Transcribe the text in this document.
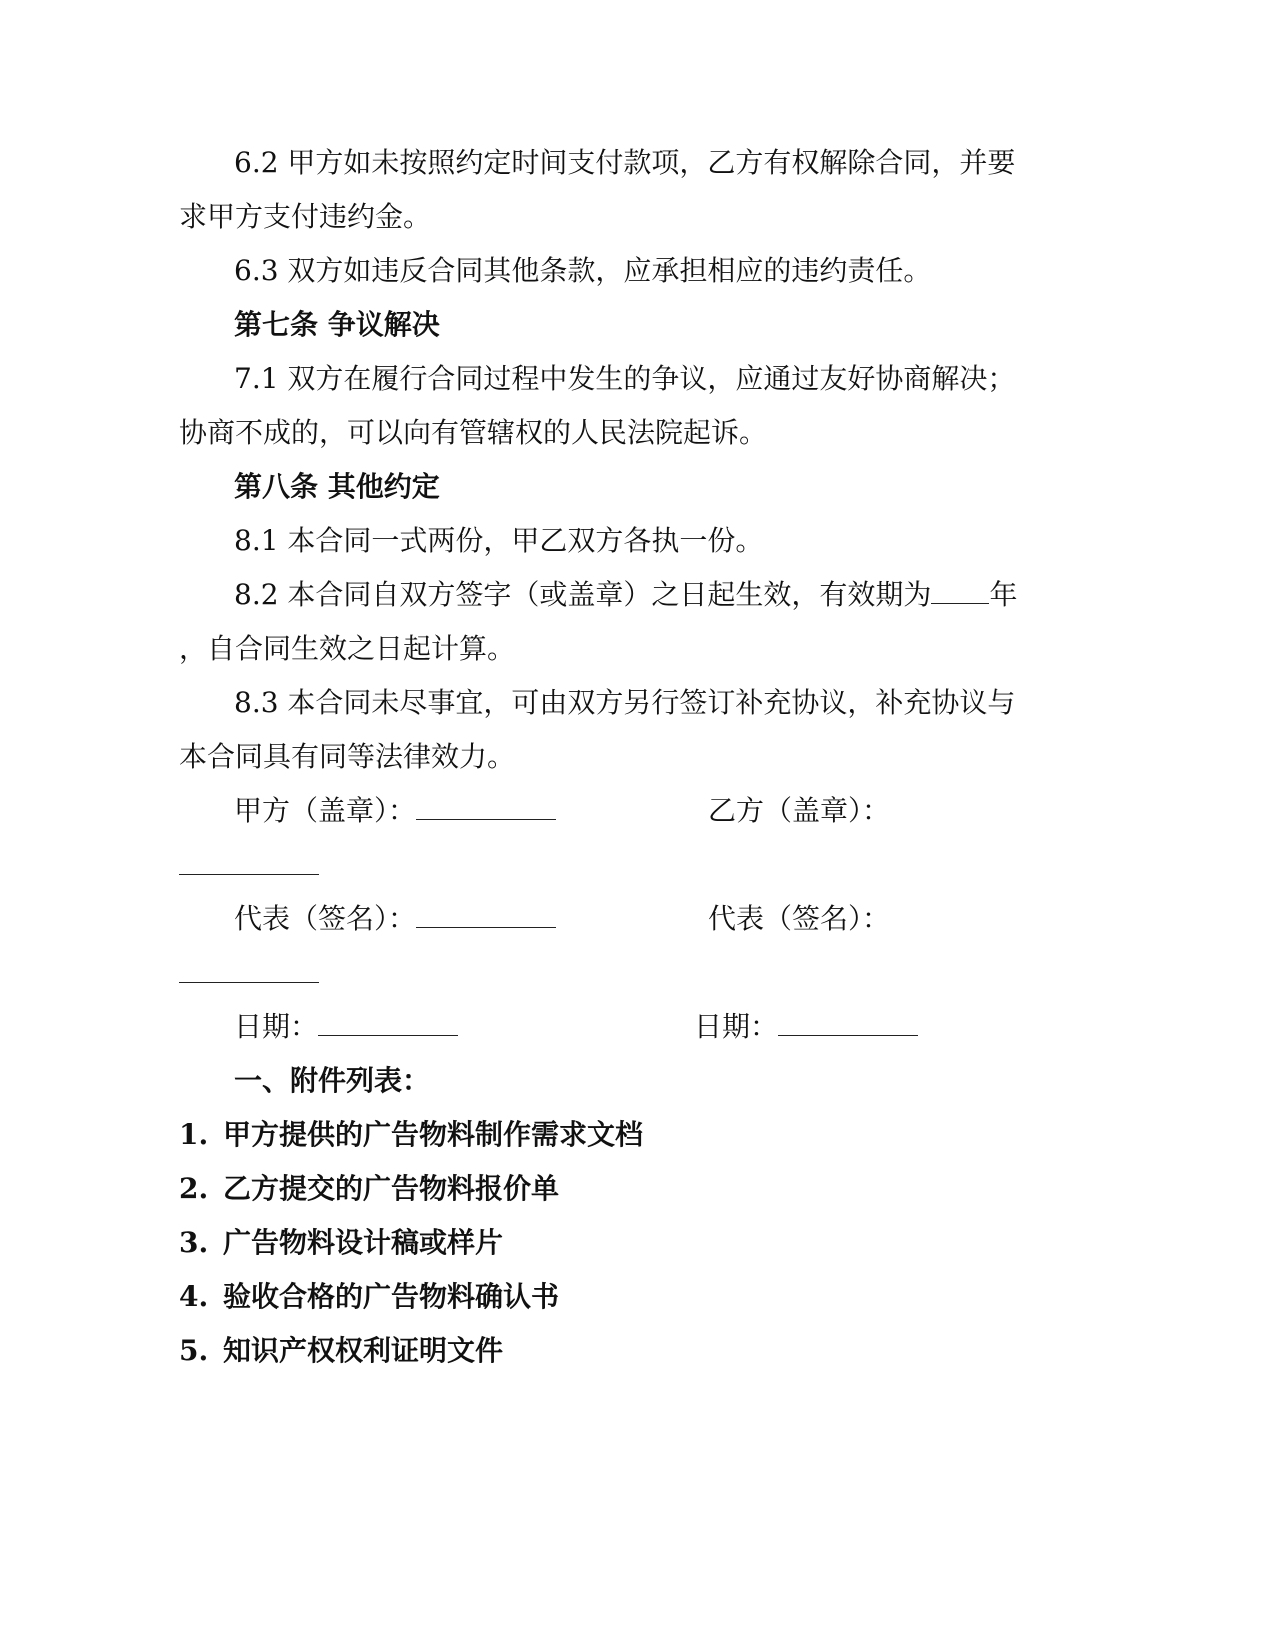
6.2 甲方如未按照约定时间支付款项，乙方有权解除合同，并要
求甲方支付违约金。
6.3 双方如违反合同其他条款，应承担相应的违约责任。
第七条 争议解决
7.1 双方在履行合同过程中发生的争议，应通过友好协商解决；
协商不成的，可以向有管辖权的人民法院起诉。
第八条 其他约定
8.1 本合同一式两份，甲乙双方各执一份。
8.2 本合同自双方签字（或盖章）之日起生效，有效期为 年
，自合同生效之日起计算。
8.3 本合同未尽事宜，可由双方另行签订补充协议，补充协议与
本合同具有同等法律效力。
甲方（盖章）：	乙方（盖章）：
代表（签名）：	代表（签名）：
日期：	日期：
一、附件列表：
1. 甲方提供的广告物料制作需求文档
2. 乙方提交的广告物料报价单
3. 广告物料设计稿或样片
4. 验收合格的广告物料确认书
5. 知识产权权利证明文件
